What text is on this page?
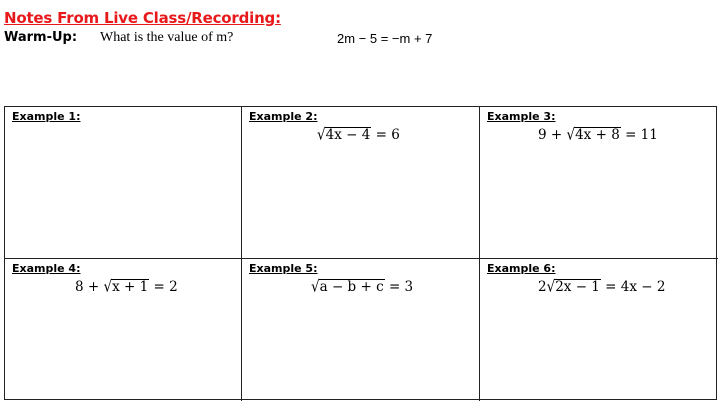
Notes From Live Class/Recording:
Warm-Up: What is the value of m?	2m − 5 = −m + 7
Example 1:
√4x − 4 = 6
Example 2:
9 + √4x + 8 = 11
Example 3:
8 + √x + 1 = 2
Example 4:
√a − b + c = 3
Example 5:
2√2x − 1 = 4x − 2
Example 6:
